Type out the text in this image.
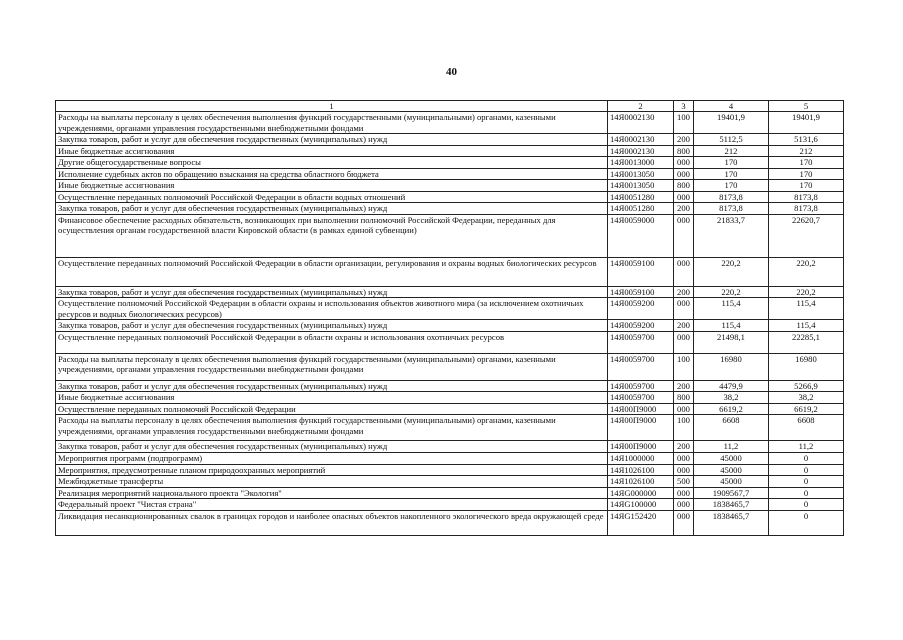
40
1	2	3	4	5
Расходы на выплаты персоналу в целях обеспечения выполнения функций государственными (муниципальными) органами, казенными учреждениями, органами управления государственными внебюджетными фондами	14Я0002130	100	19401,9	19401,9
Закупка товаров, работ и услуг для обеспечения государственных (муниципальных) нужд	14Я0002130	200	5112,5	5131,6
Иные бюджетные ассигнования	14Я0002130	800	212	212
Другие общегосударственные вопросы	14Я0013000	000	170	170
Исполнение судебных актов по обращению взыскания на средства областного бюджета	14Я0013050	000	170	170
Иные бюджетные ассигнования	14Я0013050	800	170	170
Осуществление переданных полномочий Российской Федерации в области водных отношений	14Я0051280	000	8173,8	8173,8
Закупка товаров, работ и услуг для обеспечения государственных (муниципальных) нужд	14Я0051280	200	8173,8	8173,8
Финансовое обеспечение расходных обязательств, возникающих при выполнении полномочий Российской Федерации, переданных для осуществления органам государственной власти Кировской области (в рамках единой субвенции)	14Я0059000	000	21833,7	22620,7
Осуществление переданных полномочий Российской Федерации в области организации, регулирования и охраны водных биологических ресурсов	14Я0059100	000	220,2	220,2
Закупка товаров, работ и услуг для обеспечения государственных (муниципальных) нужд	14Я0059100	200	220,2	220,2
Осуществление полномочий Российской Федерации в области охраны и использования объектов животного мира (за исключением охотничьих ресурсов и водных биологических ресурсов)	14Я0059200	000	115,4	115,4
Закупка товаров, работ и услуг для обеспечения государственных (муниципальных) нужд	14Я0059200	200	115,4	115,4
Осуществление переданных полномочий Российской Федерации в области охраны и использования охотничьих ресурсов	14Я0059700	000	21498,1	22285,1
Расходы на выплаты персоналу в целях обеспечения выполнения функций государственными (муниципальными) органами, казенными учреждениями, органами управления государственными внебюджетными фондами	14Я0059700	100	16980	16980
Закупка товаров, работ и услуг для обеспечения государственных (муниципальных) нужд	14Я0059700	200	4479,9	5266,9
Иные бюджетные ассигнования	14Я0059700	800	38,2	38,2
Осуществление переданных полномочий Российской Федерации	14Я00П9000	000	6619,2	6619,2
Расходы на выплаты персоналу в целях обеспечения выполнения функций государственными (муниципальными) органами, казенными учреждениями, органами управления государственными внебюджетными фондами	14Я00П9000	100	6608	6608
Закупка товаров, работ и услуг для обеспечения государственных (муниципальных) нужд	14Я00П9000	200	11,2	11,2
Мероприятия программ (подпрограмм)	14Я1000000	000	45000	0
Мероприятия, предусмотренные планом природоохранных мероприятий	14Я1026100	000	45000	0
Межбюджетные трансферты	14Я1026100	500	45000	0
Реализация мероприятий национального проекта "Экология"	14ЯG000000	000	1909567,7	0
Федеральный проект "Чистая страна"	14ЯG100000	000	1838465,7	0
Ликвидация несанкционированных свалок в границах городов и наиболее опасных объектов накопленного экологического вреда окружающей среде	14ЯG152420	000	1838465,7	0
